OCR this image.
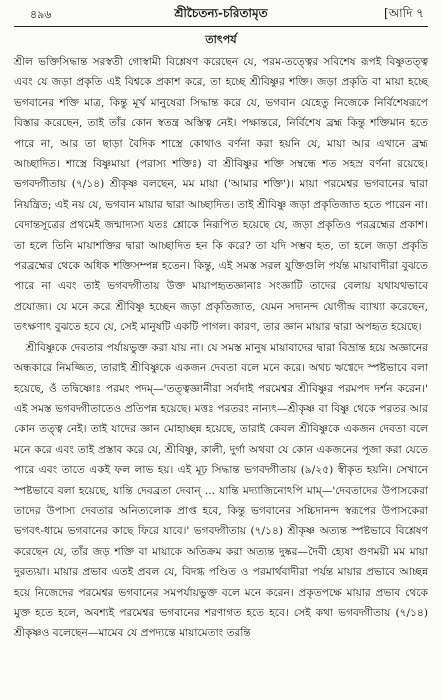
৪৯৬	শ্রীচৈতন্য-চরিতামৃত	[আদি ৭
তাৎপর্য

শ্রীল ভক্তিসিদ্ধান্ত সরস্বতী গোস্বামী বিশ্লেষণ করেছেন যে, পরম-তত্ত্বের সবিশেষ রূপই বিষ্ণুতত্ত্ব এবং যে জড়া প্রকৃতি এই বিশ্বকে প্রকাশ করে, তা হচ্ছে শ্রীবিষ্ণুর শক্তি। জড়া প্রকৃতি বা মায়া হচ্ছে ভগবানের শক্তি মাত্র, কিন্তু মূর্খ মানুষেরা সিদ্ধান্ত করে যে, ভগবান যেহেতু নিজেকে নির্বিশেষরূপে বিস্তার করেছেন, তাই তাঁর কোন স্বতন্ত্র অস্তিত্ব নেই। পক্ষান্তরে, নির্বিশেষ ব্রহ্ম কিন্তু শক্তিমান হতে পারে না, আর তা ছাড়া বৈদিক শাস্ত্রে কোথাও বর্ণনা করা হয়নি যে, মায়া আর এখানে ব্রহ্ম আচ্ছাদিত। শাস্ত্রে বিষ্ণুমায়া (পরাস্য শক্তিঃ) বা শ্রীবিষ্ণুর শক্তি সম্বন্ধে শত সহস্র বর্ণনা রয়েছে। ভগবদ্গীতায় (৭/১৪) শ্রীকৃষ্ণ বলছেন, মম মায়া ('আমার শক্তি')। মায়া পরমেশ্বর ভগবানের দ্বারা নিয়ন্ত্রিত; এই নয় যে, ভগবান মায়ার দ্বারা আচ্ছাদিত। তাই শ্রীবিষ্ণু জড়া প্রকৃতিজাত হতে পারেন না। বেদান্তসূত্রের প্রথমেই জন্মাদ্যস্য যতঃ শ্লোকে নিরূপিত হয়েছে যে, জড়া প্রকৃতিও পরব্রহ্মের প্রকাশ। তা হলে তিনি মায়াশক্তির দ্বারা আচ্ছাদিত হন কি করে? তা যদি সম্ভব হত, তা হলে জড়া প্রকৃতি পরব্রহ্মের থেকে অধিক শক্তিসম্পন্ন হতেন। কিন্তু, এই সমস্ত সরল যুক্তিগুলি পর্যন্ত মায়াবাদীরা বুঝতে পারে না এবং তাই ভগবদ্গীতায় উক্ত মায়াপহৃতজ্ঞানাঃ সংজ্ঞাটি তাদের বেলায় যথাযথভাবে প্রযোজ্য। যে মনে করে শ্রীবিষ্ণু হচ্ছেন জড়া প্রকৃতিজাত, যেমন সদানন্দ যোগীন্দ্র ব্যাখ্যা করেছেন, তৎক্ষণাৎ বুঝতে হবে যে, সেই মানুষটি একটি পাগল। কারণ, তার জ্ঞান মায়ার দ্বারা অপহৃত হয়েছে।

শ্রীবিষ্ণুকে দেবতার পর্যায়ভুক্ত করা যায় না। যে সমস্ত মানুষ মায়াবাদের দ্বারা বিভ্রান্ত হয়ে অজ্ঞানের অন্ধকারে নিমজ্জিত, তারাই শ্রীবিষ্ণুকে একজন দেবতা বলে মনে করে। অথচ ঋগ্বেদে স্পষ্টভাবে বলা হয়েছে, ওঁ তদ্বিষ্ণোঃ পরমং পদম্—'তত্ত্বজ্ঞানীরা সর্বদাই পরমেশ্বর শ্রীবিষ্ণুর পরমপদ দর্শন করেন।' এই সমস্ত ভগবদ্গীতাতেও প্রতিপন্ন হয়েছে। মত্তঃ পরতরং নান্যৎ—শ্রীকৃষ্ণ বা বিষ্ণু থেকে পরতর আর কোন তত্ত্ব নেই। তাই যাদের জ্ঞান মোহাচ্ছন্ন হয়েছে, তারাই কেবল শ্রীবিষ্ণুকে একজন দেবতা বলে মনে করে এবং তাই প্রস্তাব করে যে, শ্রীবিষ্ণু, কালী, দুর্গা অথবা যে কোন একজনের পূজা করা যেতে পারে এবং তাতে একই ফল লাভ হয়। এই মূঢ় সিদ্ধান্ত ভগবদ্গীতায় (৯/২৫) স্বীকৃত হয়নি। সেখানে স্পষ্টভাবে বলা হয়েছে, যান্তি দেবব্রতা দেবান্ ... যান্তি মদ্যাজিনোঽপি মাম্—'দেবতাদের উপাসকেরা তাদের উপাস্য দেবতার অনিত্যলোক প্রাপ্ত হবে, কিন্তু ভগবানের সচ্চিদানন্দ স্বরূপের উপাসকেরা ভগবৎ-ধামে ভগবানের কাছে ফিরে যাবে।' ভগবদ্গীতায় (৭/১৪) শ্রীকৃষ্ণ অত্যন্ত স্পষ্টভাবে বিশ্লেষণ করেছেন যে, তাঁর জড় শক্তি বা মায়াকে অতিক্রম করা অত্যন্ত দুষ্কর—দৈবী হ্যেষা গুণময়ী মম মায়া দুরত্যয়া। মায়ার প্রভাব এতই প্রবল যে, বিদগ্ধ পণ্ডিত ও পরমার্থবাদীরা পর্যন্ত মায়ার প্রভাবে আচ্ছন্ন হয়ে নিজেদের পরমেশ্বর ভগবানের সমপর্যায়ভুক্ত বলে মনে করেন। প্রকৃতপক্ষে মায়ার প্রভাব থেকে মুক্ত হতে হলে, অবশ্যই পরমেশ্বর ভগবানের শরণাগত হতে হবে। সেই কথা ভগবদ্গীতায় (৭/১৪) শ্রীকৃষ্ণও বলেছেন—মামেব যে প্রপদ্যন্তে মায়ামেতাং তরন্তি
